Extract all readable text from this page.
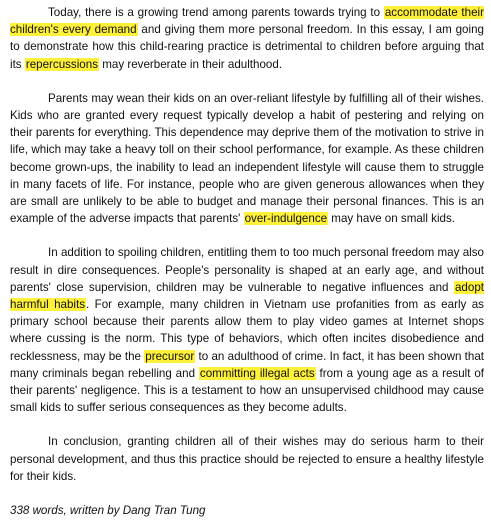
Today, there is a growing trend among parents towards trying to accommodate their children's every demand and giving them more personal freedom. In this essay, I am going to demonstrate how this child-rearing practice is detrimental to children before arguing that its repercussions may reverberate in their adulthood.

Parents may wean their kids on an over-reliant lifestyle by fulfilling all of their wishes. Kids who are granted every request typically develop a habit of pestering and relying on their parents for everything. This dependence may deprive them of the motivation to strive in life, which may take a heavy toll on their school performance, for example. As these children become grown-ups, the inability to lead an independent lifestyle will cause them to struggle in many facets of life. For instance, people who are given generous allowances when they are small are unlikely to be able to budget and manage their personal finances. This is an example of the adverse impacts that parents' over-indulgence may have on small kids.

In addition to spoiling children, entitling them to too much personal freedom may also result in dire consequences. People's personality is shaped at an early age, and without parents' close supervision, children may be vulnerable to negative influences and adopt harmful habits. For example, many children in Vietnam use profanities from as early as primary school because their parents allow them to play video games at Internet shops where cussing is the norm. This type of behaviors, which often incites disobedience and recklessness, may be the precursor to an adulthood of crime. In fact, it has been shown that many criminals began rebelling and committing illegal acts from a young age as a result of their parents' negligence. This is a testament to how an unsupervised childhood may cause small kids to suffer serious consequences as they become adults.

In conclusion, granting children all of their wishes may do serious harm to their personal development, and thus this practice should be rejected to ensure a healthy lifestyle for their kids.

338 words, written by Dang Tran Tung
